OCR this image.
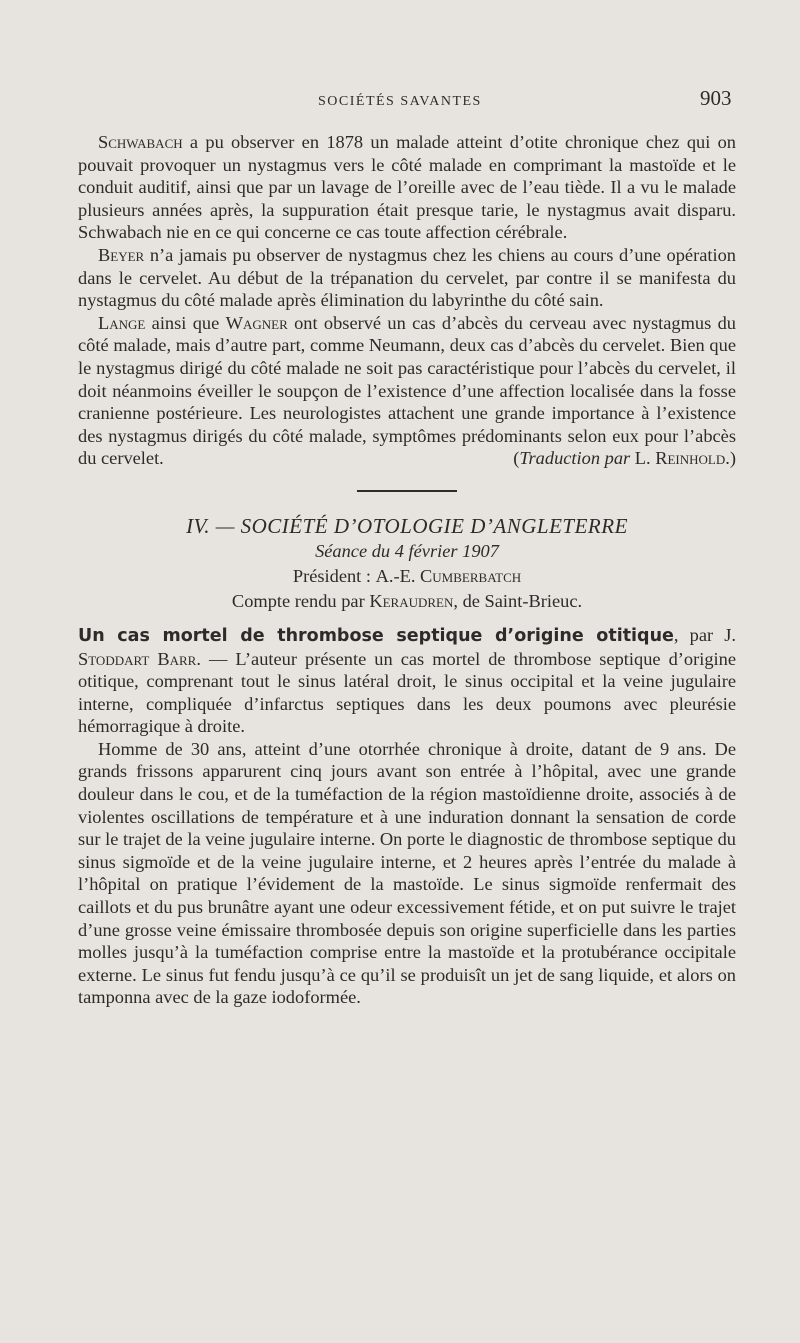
SOCIÉTÉS SAVANTES	903

Schwabach a pu observer en 1878 un malade atteint d’otite chronique chez qui on pouvait provoquer un nystagmus vers le côté malade en comprimant la mastoïde et le conduit auditif, ainsi que par un lavage de l’oreille avec de l’eau tiède. Il a vu le malade plusieurs années après, la suppuration était presque tarie, le nystagmus avait disparu. Schwabach nie en ce qui concerne ce cas toute affection cérébrale.

Beyer n’a jamais pu observer de nystagmus chez les chiens au cours d’une opération dans le cervelet. Au début de la trépanation du cervelet, par contre il se manifesta du nystagmus du côté malade après élimination du labyrinthe du côté sain.

Lange ainsi que Wagner ont observé un cas d’abcès du cerveau avec nystagmus du côté malade, mais d’autre part, comme Neumann, deux cas d’abcès du cervelet. Bien que le nystagmus dirigé du côté malade ne soit pas caractéristique pour l’abcès du cervelet, il doit néanmoins éveiller le soupçon de l’existence d’une affection localisée dans la fosse cranienne postérieure. Les neurologistes attachent une grande importance à l’existence des nystagmus dirigés du côté malade, symptômes prédominants selon eux pour l’abcès du cervelet.	(Traduction par L. Reinhold.)
IV. — SOCIÉTÉ D’OTOLOGIE D’ANGLETERRE
Séance du 4 février 1907
Président : A.-E. Cumberbatch
Compte rendu par Keraudren, de Saint-Brieuc.

Un cas mortel de thrombose septique d’origine otitique, par J. Stoddart Barr. — L’auteur présente un cas mortel de thrombose septique d’origine otitique, comprenant tout le sinus latéral droit, le sinus occipital et la veine jugulaire interne, compliquée d’infarctus septiques dans les deux poumons avec pleurésie hémorragique à droite.

Homme de 30 ans, atteint d’une otorrhée chronique à droite, datant de 9 ans. De grands frissons apparurent cinq jours avant son entrée à l’hôpital, avec une grande douleur dans le cou, et de la tuméfaction de la région mastoïdienne droite, associés à de violentes oscillations de température et à une induration donnant la sensation de corde sur le trajet de la veine jugulaire interne. On porte le diagnostic de thrombose septique du sinus sigmoïde et de la veine jugulaire interne, et 2 heures après l’entrée du malade à l’hôpital on pratique l’évidement de la mastoïde. Le sinus sigmoïde renfermait des caillots et du pus brunâtre ayant une odeur excessivement fétide, et on put suivre le trajet d’une grosse veine émissaire thrombosée depuis son origine superficielle dans les parties molles jusqu’à la tuméfaction comprise entre la mastoïde et la protubérance occipitale externe. Le sinus fut fendu jusqu’à ce qu’il se produisît un jet de sang liquide, et alors on tamponna avec de la gaze iodoformée.
